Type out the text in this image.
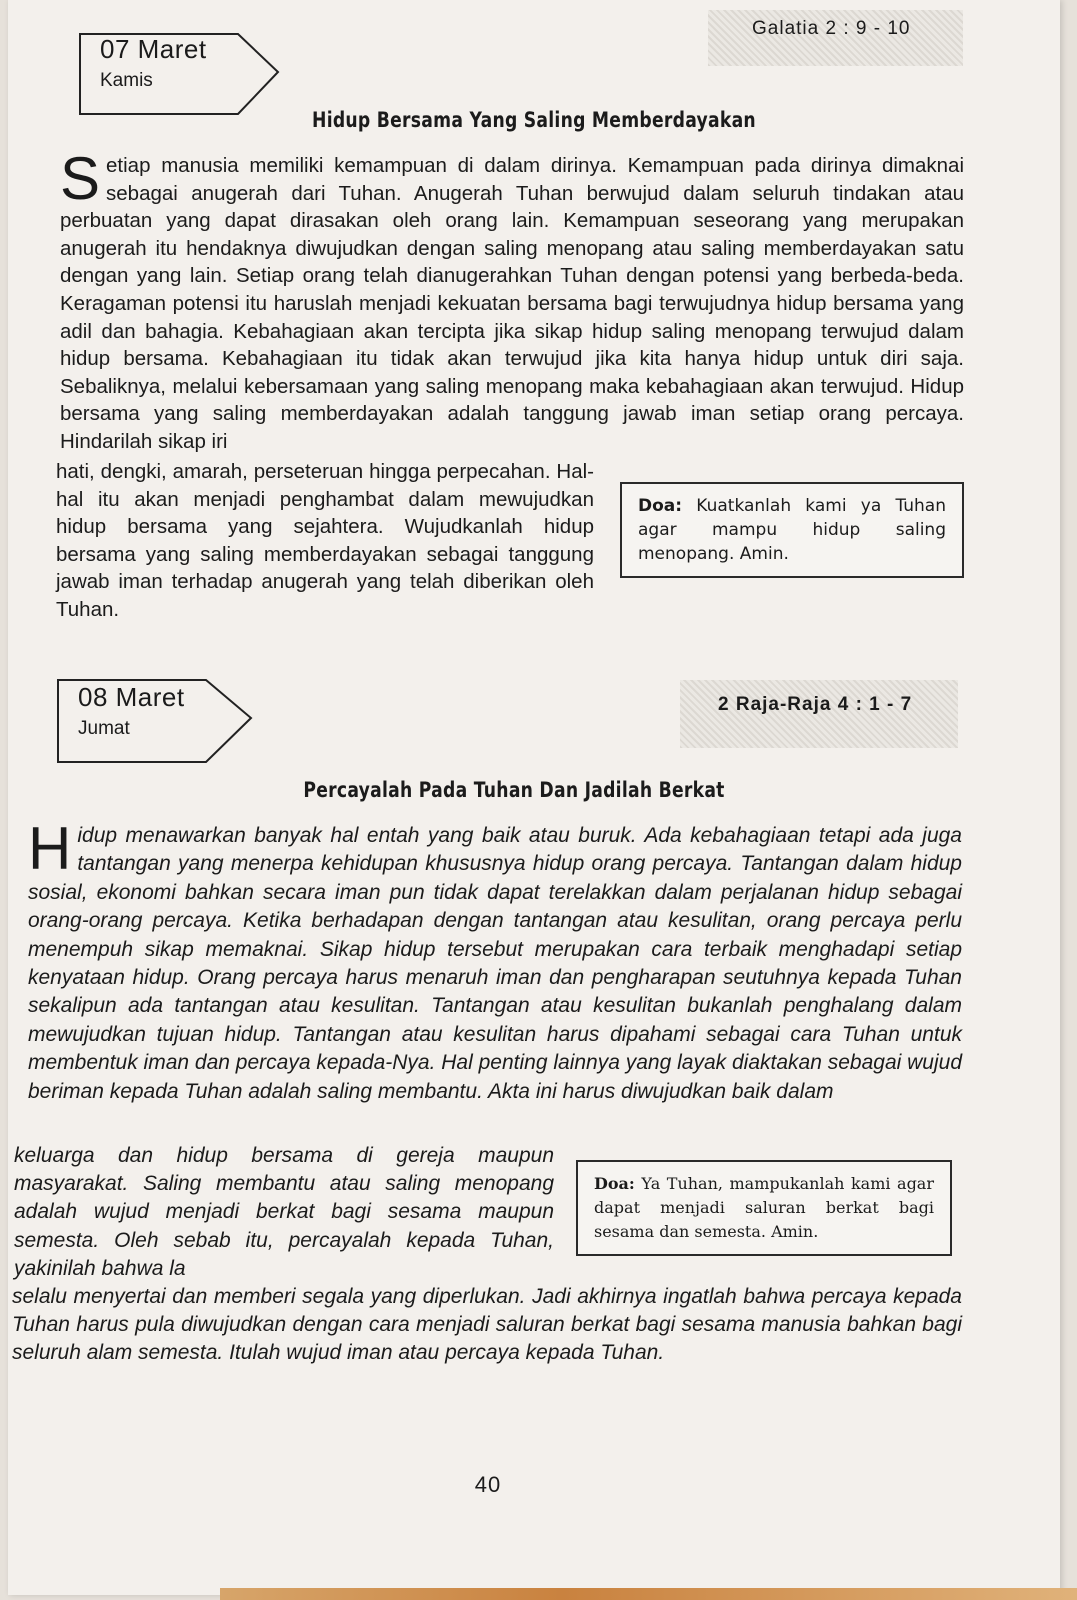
07 Maret
Kamis
Galatia 2 : 9 - 10
Hidup Bersama Yang Saling Memberdayakan
Setiap manusia memiliki kemampuan di dalam dirinya. Kemampuan pada dirinya dimaknai sebagai anugerah dari Tuhan. Anugerah Tuhan berwujud dalam seluruh tindakan atau perbuatan yang dapat dirasakan oleh orang lain. Kemampuan seseorang yang merupakan anugerah itu hendaknya diwujudkan dengan saling menopang atau saling memberdayakan satu dengan yang lain. Setiap orang telah dianugerahkan Tuhan dengan potensi yang berbeda-beda. Keragaman potensi itu haruslah menjadi kekuatan bersama bagi terwujudnya hidup bersama yang adil dan bahagia. Kebahagiaan akan tercipta jika sikap hidup saling menopang terwujud dalam hidup bersama. Kebahagiaan itu tidak akan terwujud jika kita hanya hidup untuk diri saja. Sebaliknya, melalui kebersamaan yang saling menopang maka kebahagiaan akan terwujud. Hidup bersama yang saling memberdayakan adalah tanggung jawab iman setiap orang percaya. Hindarilah sikap iri
hati, dengki, amarah, perseteruan hingga perpecahan. Hal-hal itu akan menjadi penghambat dalam mewujudkan hidup bersama yang sejahtera. Wujudkanlah hidup bersama yang saling memberdayakan sebagai tanggung jawab iman terhadap anugerah yang telah diberikan oleh Tuhan.
Doa: Kuatkanlah kami ya Tuhan agar mampu hidup saling menopang. Amin.
08 Maret
Jumat
2 Raja-Raja 4 : 1 - 7
Percayalah Pada Tuhan Dan Jadilah Berkat
Hidup menawarkan banyak hal entah yang baik atau buruk. Ada kebahagiaan tetapi ada juga tantangan yang menerpa kehidupan khususnya hidup orang percaya. Tantangan dalam hidup sosial, ekonomi bahkan secara iman pun tidak dapat terelakkan dalam perjalanan hidup sebagai orang-orang percaya. Ketika berhadapan dengan tantangan atau kesulitan, orang percaya perlu menempuh sikap memaknai. Sikap hidup tersebut merupakan cara terbaik menghadapi setiap kenyataan hidup. Orang percaya harus menaruh iman dan pengharapan seutuhnya kepada Tuhan sekalipun ada tantangan atau kesulitan. Tantangan atau kesulitan bukanlah penghalang dalam mewujudkan tujuan hidup. Tantangan atau kesulitan harus dipahami sebagai cara Tuhan untuk membentuk iman dan percaya kepada-Nya. Hal penting lainnya yang layak diaktakan sebagai wujud beriman kepada Tuhan adalah saling membantu. Akta ini harus diwujudkan baik dalam
keluarga dan hidup bersama di gereja maupun masyarakat. Saling membantu atau saling menopang adalah wujud menjadi berkat bagi sesama maupun semesta. Oleh sebab itu, percayalah kepada Tuhan, yakinilah bahwa la
Doa: Ya Tuhan, mampukanlah kami agar dapat menjadi saluran berkat bagi sesama dan semesta. Amin.
selalu menyertai dan memberi segala yang diperlukan. Jadi akhirnya ingatlah bahwa percaya kepada Tuhan harus pula diwujudkan dengan cara menjadi saluran berkat bagi sesama manusia bahkan bagi seluruh alam semesta. Itulah wujud iman atau percaya kepada Tuhan.
40
